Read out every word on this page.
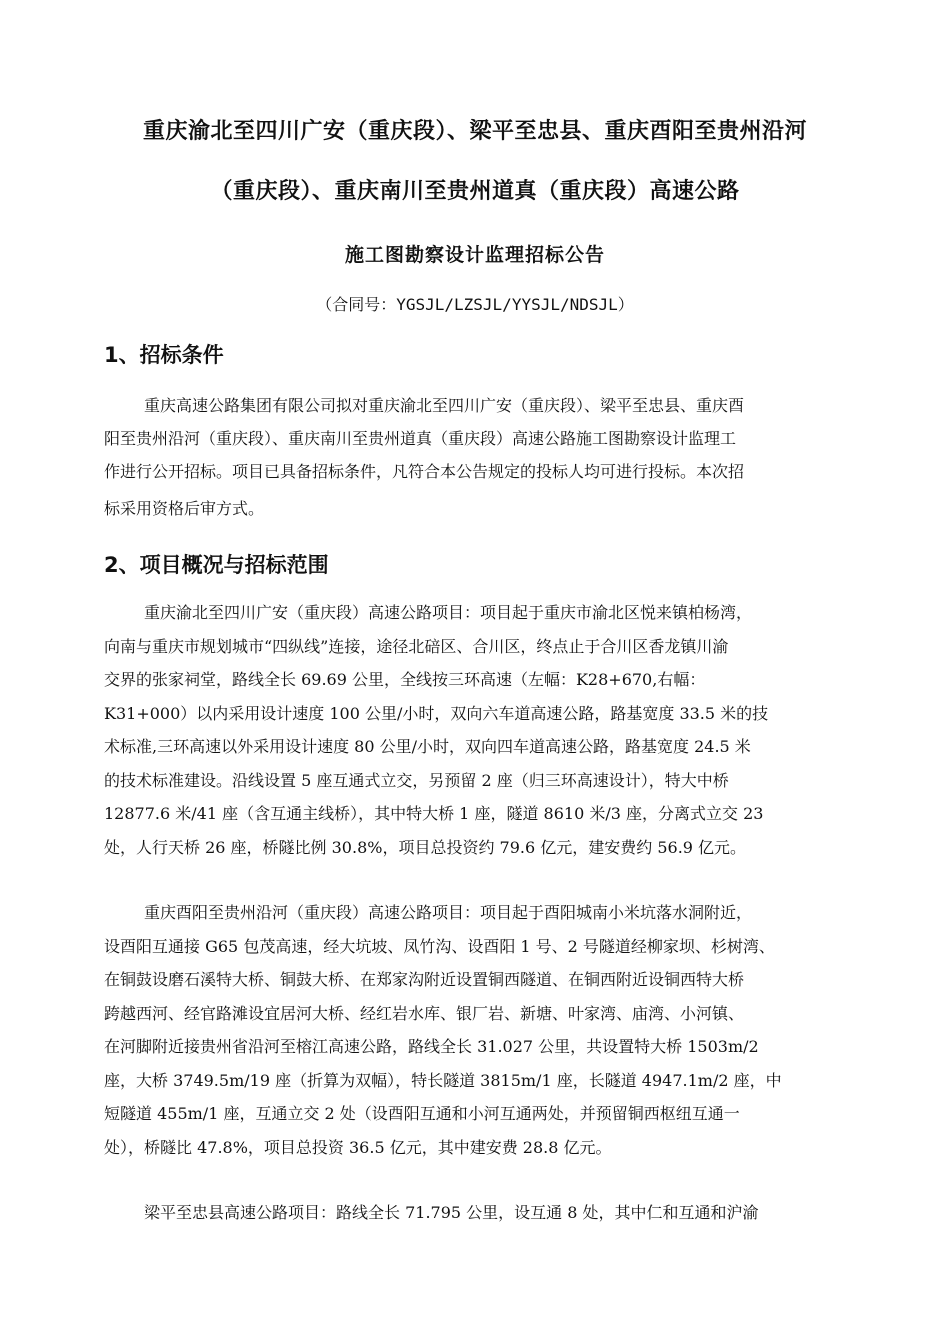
重庆渝北至四川广安（重庆段）、梁平至忠县、重庆酉阳至贵州沿河
（重庆段）、重庆南川至贵州道真（重庆段）高速公路
施工图勘察设计监理招标公告
（合同号：YGSJL/LZSJL/YYSJL/NDSJL）
1、招标条件
重庆高速公路集团有限公司拟对重庆渝北至四川广安（重庆段）、梁平至忠县、重庆酉
阳至贵州沿河（重庆段）、重庆南川至贵州道真（重庆段）高速公路施工图勘察设计监理工
作进行公开招标。项目已具备招标条件，凡符合本公告规定的投标人均可进行投标。本次招
标采用资格后审方式。
2、项目概况与招标范围
重庆渝北至四川广安（重庆段）高速公路项目：项目起于重庆市渝北区悦来镇柏杨湾，
向南与重庆市规划城市“四纵线”连接，途径北碚区、合川区，终点止于合川区香龙镇川渝
交界的张家祠堂，路线全长 69.69 公里，全线按三环高速（左幅：K28+670,右幅：
K31+000）以内采用设计速度 100 公里/小时，双向六车道高速公路，路基宽度 33.5 米的技
术标准,三环高速以外采用设计速度 80 公里/小时，双向四车道高速公路，路基宽度 24.5 米
的技术标准建设。沿线设置 5 座互通式立交，另预留 2 座（归三环高速设计），特大中桥
12877.6 米/41 座（含互通主线桥），其中特大桥 1 座，隧道 8610 米/3 座，分离式立交 23
处，人行天桥 26 座，桥隧比例 30.8%，项目总投资约 79.6 亿元，建安费约 56.9 亿元。
重庆酉阳至贵州沿河（重庆段）高速公路项目：项目起于酉阳城南小米坑落水洞附近，
设酉阳互通接 G65 包茂高速，经大坑坡、凤竹沟、设酉阳 1 号、2 号隧道经柳家坝、杉树湾、
在铜鼓设磨石溪特大桥、铜鼓大桥、在郑家沟附近设置铜西隧道、在铜西附近设铜西特大桥
跨越西河、经官路滩设宜居河大桥、经红岩水库、银厂岩、新塘、叶家湾、庙湾、小河镇、
在河脚附近接贵州省沿河至榕江高速公路，路线全长 31.027 公里，共设置特大桥 1503m/2
座，大桥 3749.5m/19 座（折算为双幅），特长隧道 3815m/1 座，长隧道 4947.1m/2 座，中
短隧道 455m/1 座，互通立交 2 处（设酉阳互通和小河互通两处，并预留铜西枢纽互通一
处），桥隧比 47.8%，项目总投资 36.5 亿元，其中建安费 28.8 亿元。
梁平至忠县高速公路项目：路线全长 71.795 公里，设互通 8 处，其中仁和互通和沪渝
